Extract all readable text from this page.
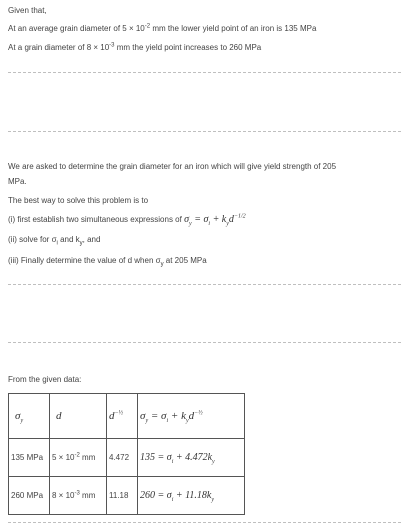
Given that,
At an average grain diameter of $5 \times 10^{-2}$ mm the lower yield point of an iron is 135 MPa
At a grain diameter of $8 \times 10^{-3}$ mm the yield point increases to 260 MPa
We are asked to determine the grain diameter for an iron which will give yield strength of 205
MPa.
The best way to solve this problem is to
(i) first establish two simultaneous expressions of $\sigma_y = \sigma_i + k_yd^{-1/2}$
(ii) solve for $\sigma_i$ and $k_y$, and
(iii) Finally determine the value of d when $\sigma_y$ at 205 MPa
From the given data:
$\sigma_y$	d	$d^{-\frac{1}{2}}$	$\sigma_y = \sigma_i + k_yd^{-\frac{1}{2}}$
135 MPa	$5 \times 10^{-2}$ mm	4.472	$135 = \sigma_i + 4.472k_y$
260 MPa	$8 \times 10^{-3}$ mm	11.18	$260 = \sigma_i + 11.18k_y$
